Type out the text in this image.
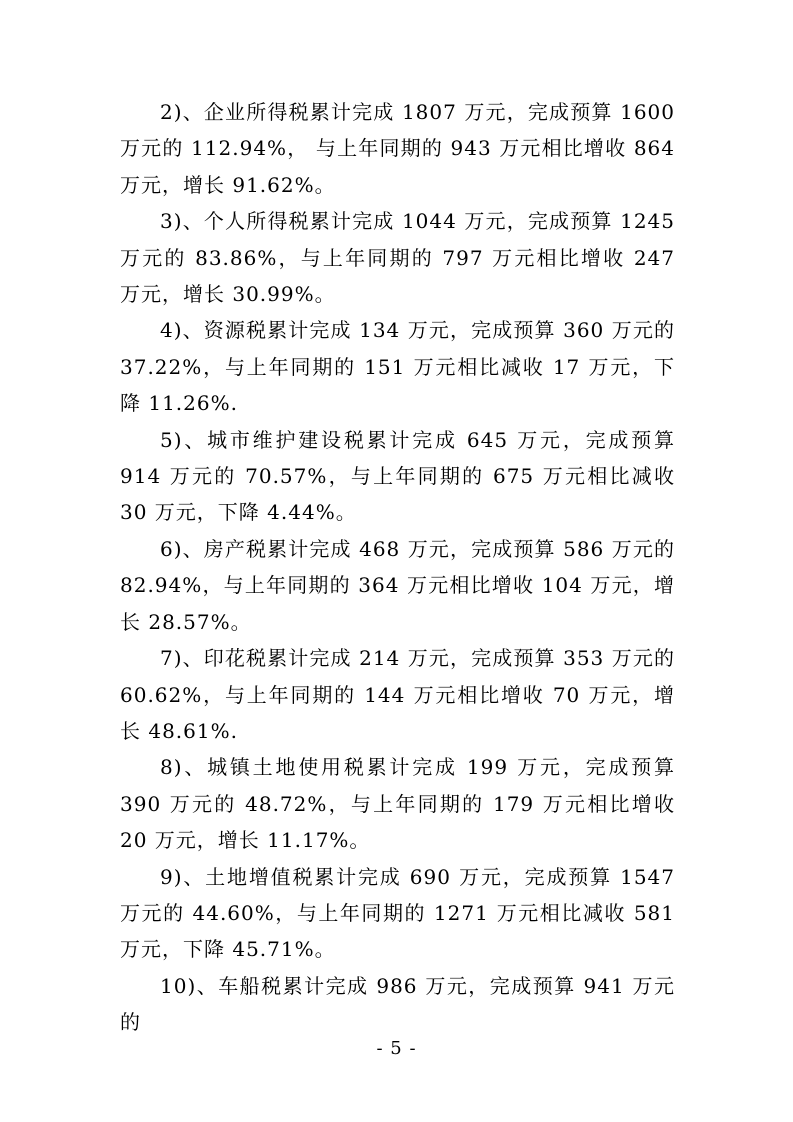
2)、企业所得税累计完成 1807 万元，完成预算 1600 万元的 112.94%， 与上年同期的 943 万元相比增收 864 万元，增长 91.62%。

3)、个人所得税累计完成 1044 万元，完成预算 1245 万元的 83.86%，与上年同期的 797 万元相比增收 247 万元，增长 30.99%。

4)、资源税累计完成 134 万元，完成预算 360 万元的 37.22%，与上年同期的 151 万元相比减收 17 万元，下降 11.26%.

5)、城市维护建设税累计完成 645 万元，完成预算 914 万元的 70.57%，与上年同期的 675 万元相比减收 30 万元，下降 4.44%。

6)、房产税累计完成 468 万元，完成预算 586 万元的 82.94%，与上年同期的 364 万元相比增收 104 万元，增长 28.57%。

7)、印花税累计完成 214 万元，完成预算 353 万元的 60.62%，与上年同期的 144 万元相比增收 70 万元，增长 48.61%.

8)、城镇土地使用税累计完成 199 万元，完成预算 390 万元的 48.72%，与上年同期的 179 万元相比增收 20 万元，增长 11.17%。

9)、土地增值税累计完成 690 万元，完成预算 1547 万元的 44.60%，与上年同期的 1271 万元相比减收 581 万元，下降 45.71%。

10)、车船税累计完成 986 万元，完成预算 941 万元的

- 5 -
